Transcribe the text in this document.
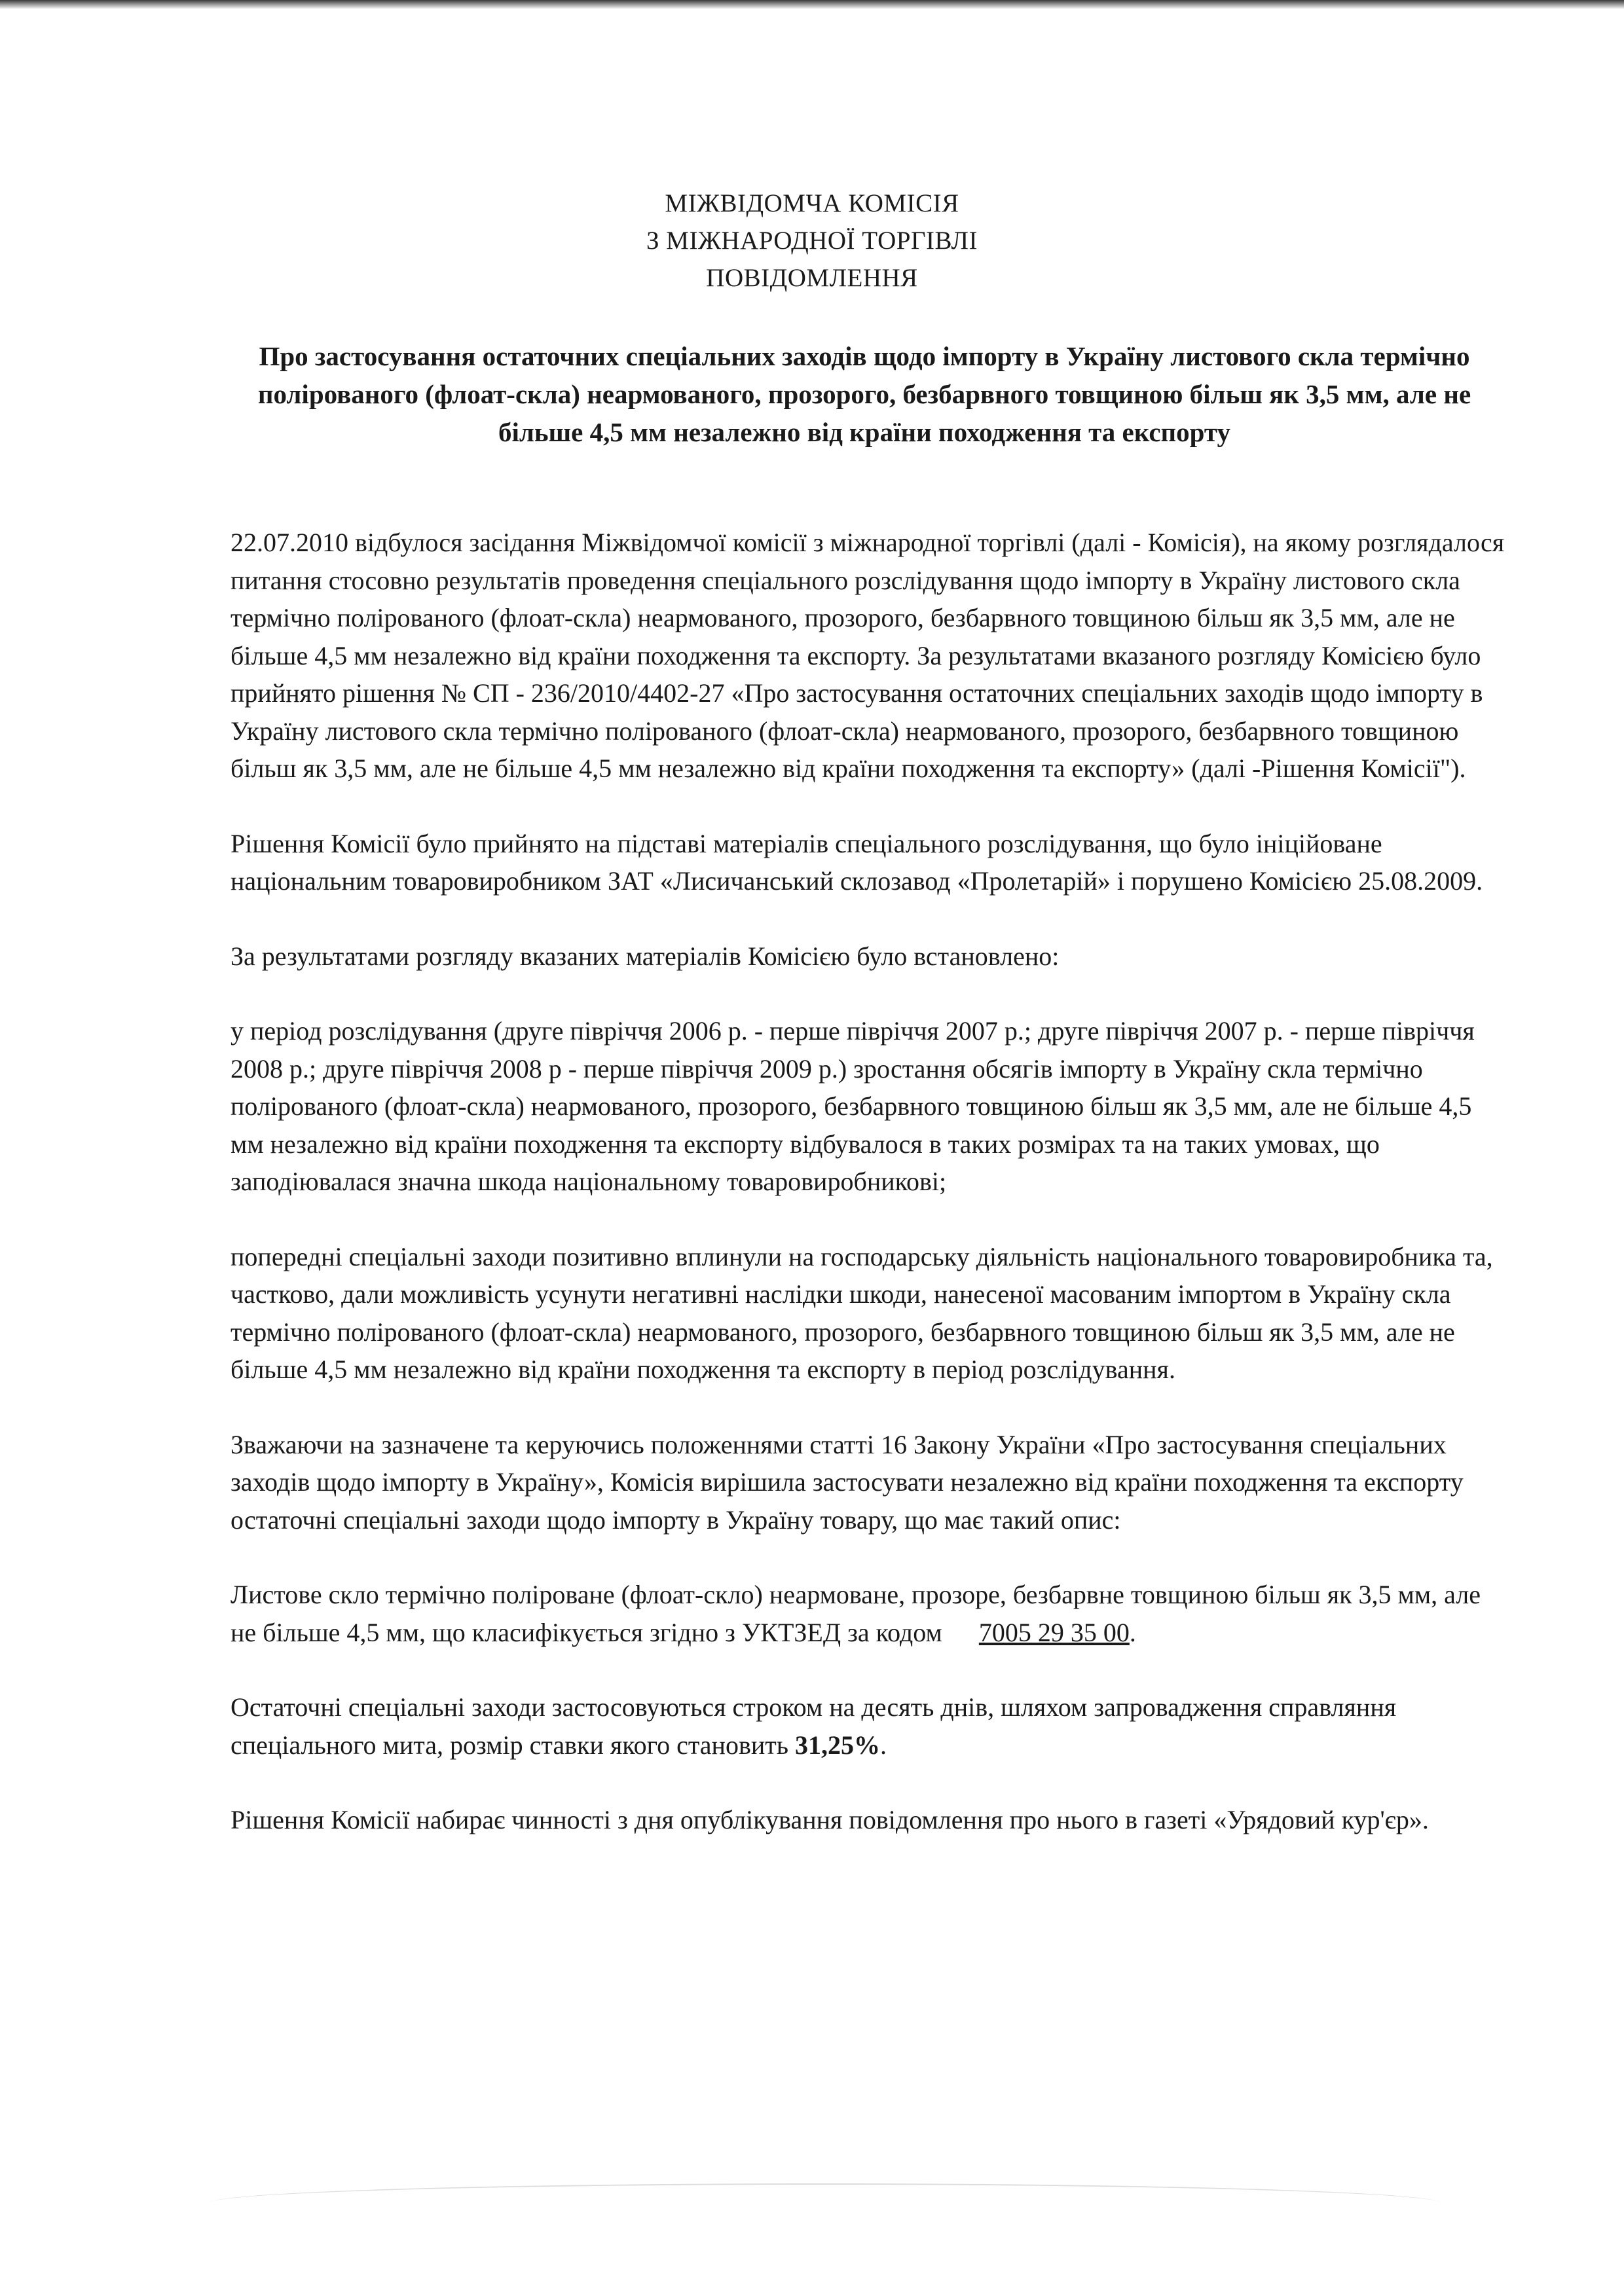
МІЖВІДОМЧА КОМІСІЯ
З МІЖНАРОДНОЇ ТОРГІВЛІ
ПОВІДОМЛЕННЯ
Про застосування остаточних спеціальних заходів щодо імпорту в Україну листового скла термічно полірованого (флоат-скла) неармованого, прозорого, безбарвного товщиною більш як 3,5 мм, але не більше 4,5 мм незалежно від країни походження та експорту

22.07.2010 відбулося засідання Міжвідомчої комісії з міжнародної торгівлі (далі - Комісія), на якому розглядалося питання стосовно результатів проведення спеціального розслідування щодо імпорту в Україну листового скла термічно полірованого (флоат-скла) неармованого, прозорого, безбарвного товщиною більш як 3,5 мм, але не більше 4,5 мм незалежно від країни походження та експорту. За результатами вказаного розгляду Комісією було прийнято рішення № СП - 236/2010/4402-27 «Про застосування остаточних спеціальних заходів щодо імпорту в Україну листового скла термічно полірованого (флоат-скла) неармованого, прозорого, безбарвного товщиною більш як 3,5 мм, але не більше 4,5 мм незалежно від країни походження та експорту» (далі -Рішення Комісії").

Рішення Комісії було прийнято на підставі матеріалів спеціального розслідування, що було ініційоване національним товаровиробником ЗАТ «Лисичанський склозавод «Пролетарій» і порушено Комісією 25.08.2009.

За результатами розгляду вказаних матеріалів Комісією було встановлено:

у період розслідування (друге півріччя 2006 р. - перше півріччя 2007 р.; друге півріччя 2007 р. - перше півріччя 2008 р.; друге півріччя 2008 р - перше півріччя 2009 р.) зростання обсягів імпорту в Україну скла термічно полірованого (флоат-скла) неармованого, прозорого, безбарвного товщиною більш як 3,5 мм, але не більше 4,5 мм незалежно від країни походження та експорту відбувалося в таких розмірах та на таких умовах, що заподіювалася значна шкода національному товаровиробникові;

попередні спеціальні заходи позитивно вплинули на господарську діяльність національного товаровиробника та, частково, дали можливість усунути негативні наслідки шкоди, нанесеної масованим імпортом в Україну скла термічно полірованого (флоат-скла) неармованого, прозорого, безбарвного товщиною більш як 3,5 мм, але не більше 4,5 мм незалежно від країни походження та експорту в період розслідування.

Зважаючи на зазначене та керуючись положеннями статті 16 Закону України «Про застосування спеціальних заходів щодо імпорту в Україну», Комісія вирішила застосувати незалежно від країни походження та експорту остаточні спеціальні заходи щодо імпорту в Україну товару, що має такий опис:

Листове скло термічно поліроване (флоат-скло) неармоване, прозоре, безбарвне товщиною більш як 3,5 мм, але не більше 4,5 мм, що класифікується згідно з УКТЗЕД за кодом 7005 29 35 00.

Остаточні спеціальні заходи застосовуються строком на десять днів, шляхом запровадження справляння спеціального мита, розмір ставки якого становить 31,25%.

Рішення Комісії набирає чинності з дня опублікування повідомлення про нього в газеті «Урядовий кур'єр».
